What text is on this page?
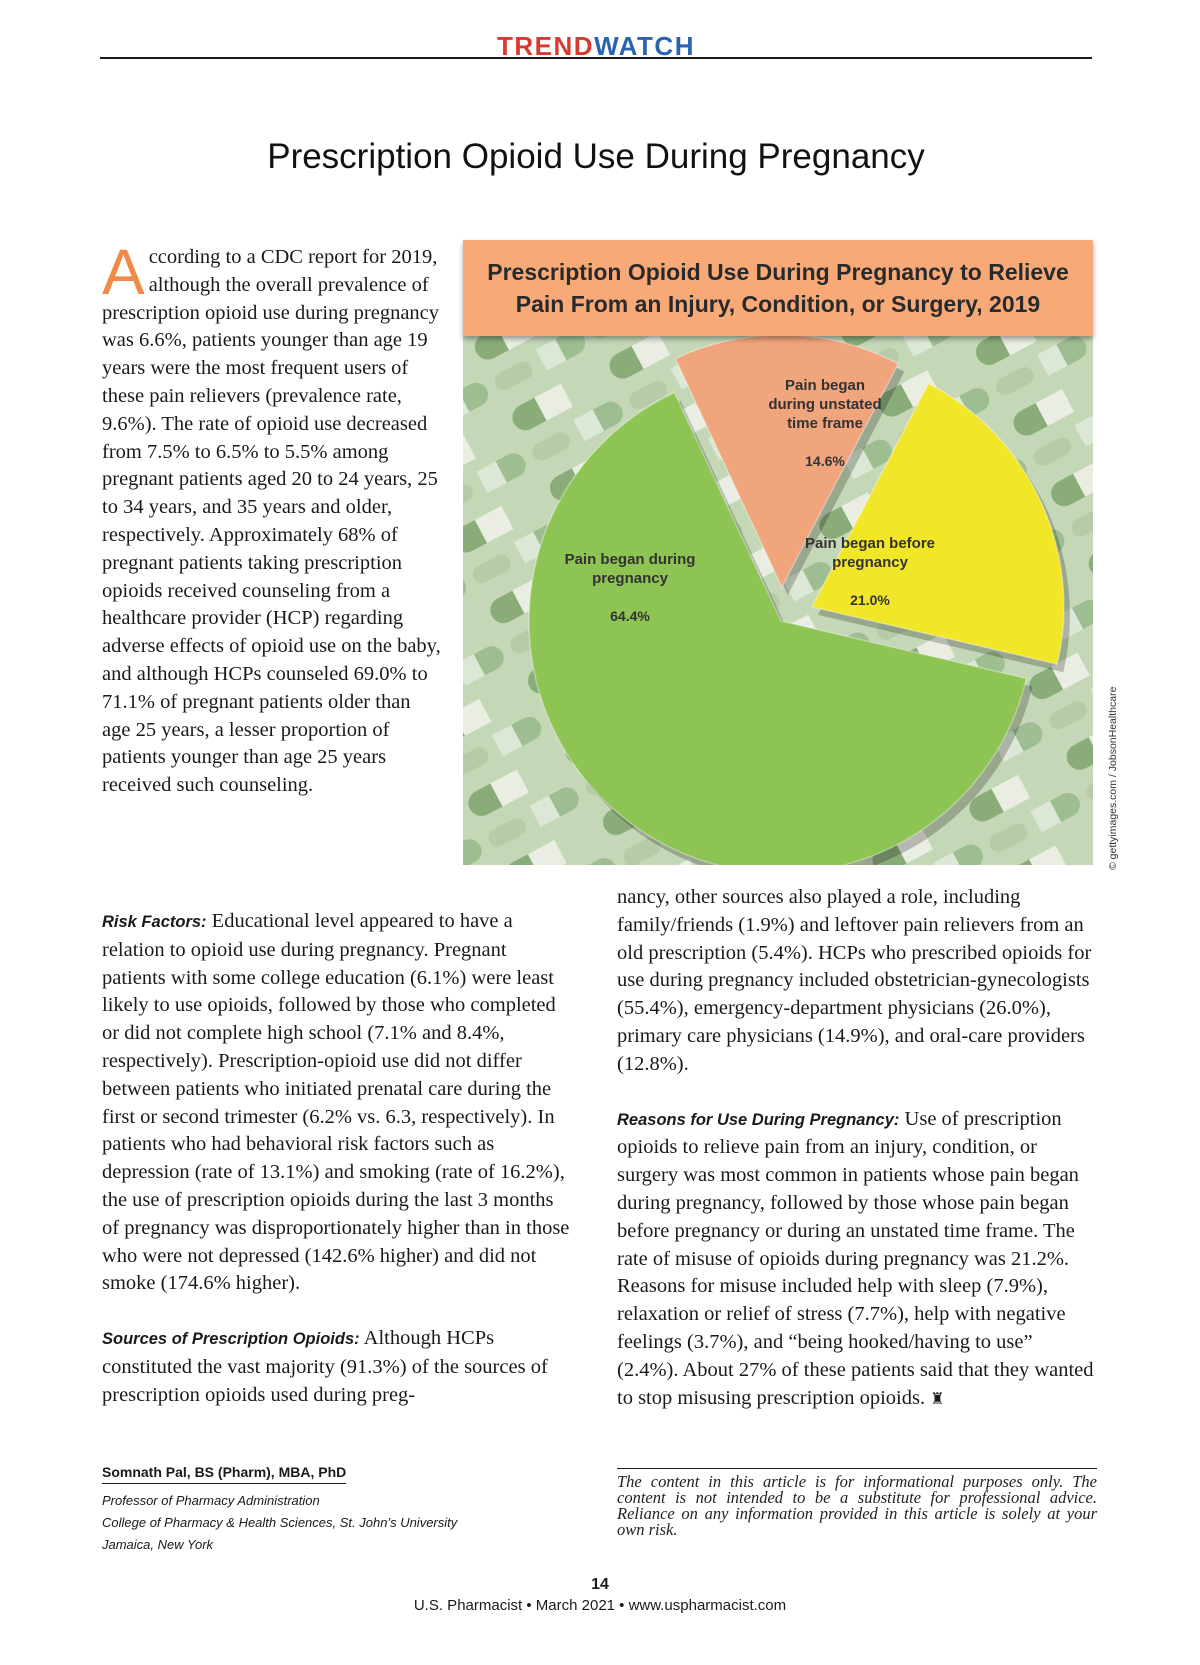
TRENDWATCH
Prescription Opioid Use During Pregnancy
According to a CDC report for 2019, although the overall prevalence of prescription opioid use during pregnancy was 6.6%, patients younger than age 19 years were the most frequent users of these pain relievers (prevalence rate, 9.6%). The rate of opioid use decreased from 7.5% to 6.5% to 5.5% among pregnant patients aged 20 to 24 years, 25 to 34 years, and 35 years and older, respectively. Approximately 68% of pregnant patients taking prescription opioids received counseling from a healthcare provider (HCP) regarding adverse effects of opioid use on the baby, and although HCPs counseled 69.0% to 71.1% of pregnant patients older than age 25 years, a lesser proportion of patients younger than age 25 years received such counseling.
Prescription Opioid Use During Pregnancy to Relieve Pain From an Injury, Condition, or Surgery, 2019
Pain began during pregnancy
64.4%
Pain began before pregnancy
21.0%
Pain began during unstated time frame
14.6%
© gettyimages.com / JobsonHealthcare

Risk Factors: Educational level appeared to have a relation to opioid use during pregnancy. Pregnant patients with some college education (6.1%) were least likely to use opioids, followed by those who completed or did not complete high school (7.1% and 8.4%, respectively). Prescription-opioid use did not differ between patients who initiated prenatal care during the first or second trimester (6.2% vs. 6.3, respectively). In patients who had behavioral risk factors such as depression (rate of 13.1%) and smoking (rate of 16.2%), the use of prescription opioids during the last 3 months of pregnancy was disproportionately higher than in those who were not depressed (142.6% higher) and did not smoke (174.6% higher).

Sources of Prescription Opioids: Although HCPs constituted the vast majority (91.3%) of the sources of prescription opioids used during preg-

nancy, other sources also played a role, including family/friends (1.9%) and leftover pain relievers from an old prescription (5.4%). HCPs who prescribed opioids for use during pregnancy included obstetrician-gynecologists (55.4%), emergency-department physicians (26.0%), primary care physicians (14.9%), and oral-care providers (12.8%).

Reasons for Use During Pregnancy: Use of prescription opioids to relieve pain from an injury, condition, or surgery was most common in patients whose pain began during pregnancy, followed by those whose pain began before pregnancy or during an unstated time frame. The rate of misuse of opioids during pregnancy was 21.2%. Reasons for misuse included help with sleep (7.9%), relaxation or relief of stress (7.7%), help with negative feelings (3.7%), and “being hooked/having to use” (2.4%). About 27% of these patients said that they wanted to stop misusing prescription opioids. ♜

Somnath Pal, BS (Pharm), MBA, PhD
Professor of Pharmacy Administration
College of Pharmacy & Health Sciences, St. John’s University
Jamaica, New York
The content in this article is for informational purposes only. The content is not intended to be a substitute for professional advice. Reliance on any information provided in this article is solely at your own risk.
14
U.S. Pharmacist • March 2021 • www.uspharmacist.com
